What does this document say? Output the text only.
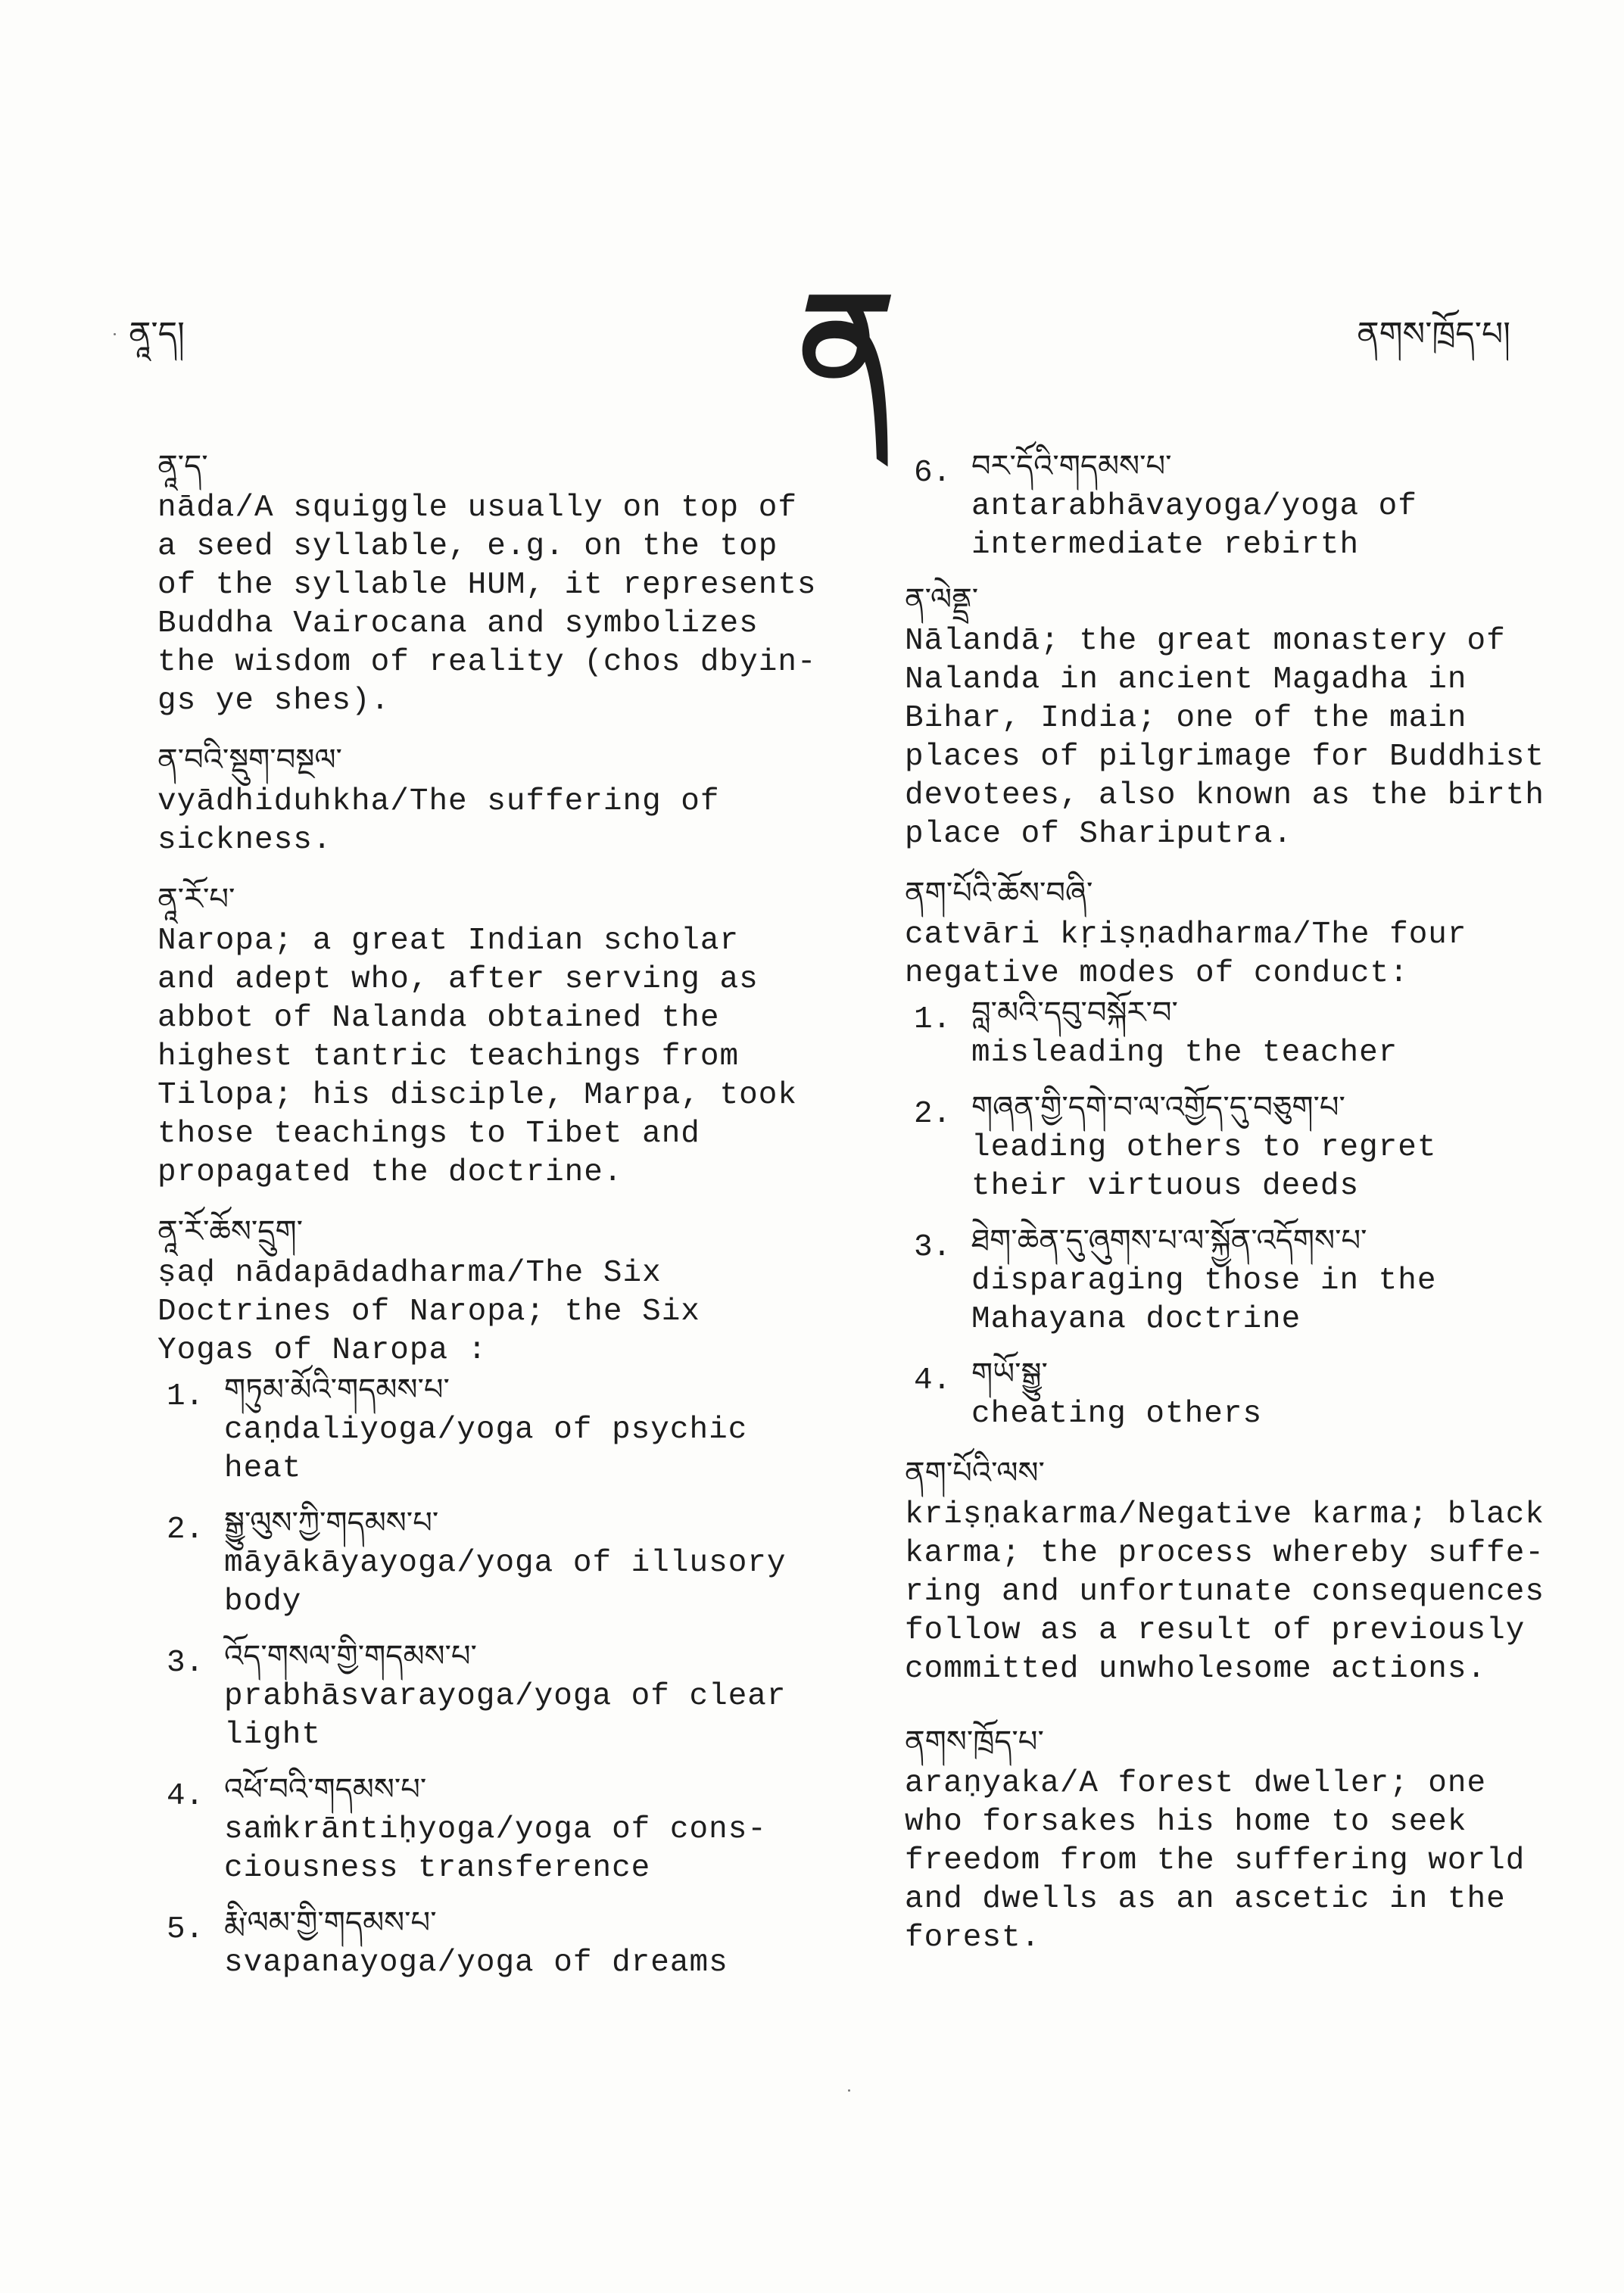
ནཱ་ད།	ན	ནགས་ཁྲོད་པ།
ནཱ་ད་
nāda/A squiggle usually on top of
a seed syllable, e.g. on the top
of the syllable HUM, it represents
Buddha Vairocana and symbolizes
the wisdom of reality (chos dbyin-
gs ye shes).
ན་བའི་སྡུག་བསྔལ་
vyādhiduhkha/The suffering of
sickness.
ནཱ་རོ་པ་
Naropa; a great Indian scholar
and adept who, after serving as
abbot of Nalanda obtained the
highest tantric teachings from
Tilopa; his disciple, Marpa, took
those teachings to Tibet and
propagated the doctrine.
ནཱ་རོ་ཆོས་དྲུག་
ṣaḍ nādapādadharma/The Six
Doctrines of Naropa; the Six
Yogas of Naropa :
1. གཏུམ་མོའི་གདམས་པ་
caṇdaliyoga/yoga of psychic
heat
2. སྒྱུ་ལུས་ཀྱི་གདམས་པ་
māyākāyayoga/yoga of illusory
body
3. འོད་གསལ་གྱི་གདམས་པ་
prabhāsvarayoga/yoga of clear
light
4. འཕོ་བའི་གདམས་པ་
saṁkrāntiḥyoga/yoga of cons-
ciousness transference
5. རྨི་ལམ་གྱི་གདམས་པ་
svapanayoga/yoga of dreams
6. བར་དོའི་གདམས་པ་
antarabhāvayoga/yoga of
intermediate rebirth
ན་ལེནྡྲ་
Nālandā; the great monastery of
Nalanda in ancient Magadha in
Bihar, India; one of the main
places of pilgrimage for Buddhist
devotees, also known as the birth
place of Shariputra.
ནག་པོའི་ཆོས་བཞི་
catvāri kṛiṣṇadharma/The four
negative modes of conduct:
1. བླ་མའི་དབུ་བསྐོར་བ་
misleading the teacher
2. གཞན་གྱི་དགེ་བ་ལ་འགྱོད་དུ་བཅུག་པ་
leading others to regret
their virtuous deeds
3. ཐེག་ཆེན་དུ་ཞུགས་པ་ལ་སྐྱོན་འདོགས་པ་
disparaging those in the
Mahayana doctrine
4. གཡོ་སྒྱུ་
cheating others
ནག་པོའི་ལས་
kriṣṇakarma/Negative karma; black
karma; the process whereby suffe-
ring and unfortunate consequences
follow as a result of previously
committed unwholesome actions.
ནགས་ཁྲོད་པ་
araṇyaka/A forest dweller; one
who forsakes his home to seek
freedom from the suffering world
and dwells as an ascetic in the
forest.
